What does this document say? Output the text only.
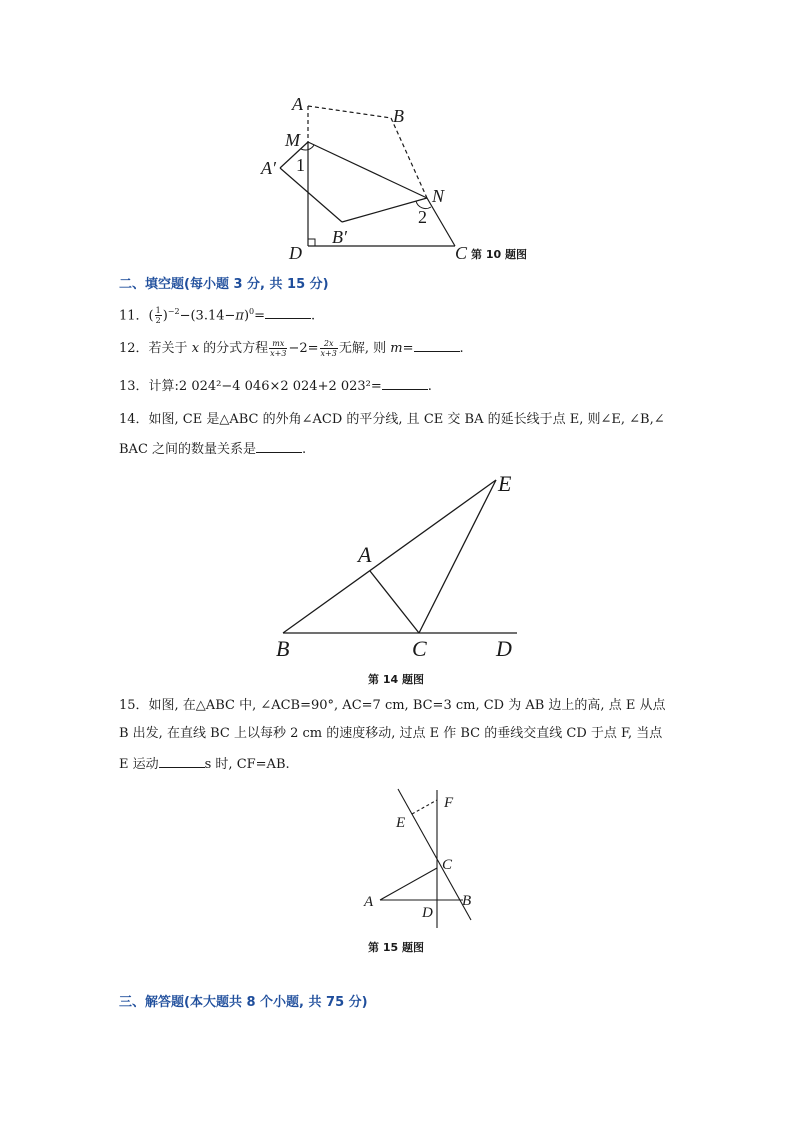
A
B
M
A′ 1
N
2
B′
D	C 第 10 题图
二、填空题(每小题 3 分, 共 15 分)
11．( $\frac{1}{2} )^{-2}-(3.14-\pi)^0=$	.
12．若关于 x 的分式方程 $\frac{mx}{x+3} -2= \frac{2x}{x+3}$ 无解, 则 m=	.
13．计算:2 024²−4 046×2 024+2 023²=	.
14．如图, CE 是△ABC 的外角∠ACD 的平分线, 且 CE 交 BA 的延长线于点 E, 则∠E, ∠B,∠
BAC 之间的数量关系是	.
E
A
B	C	D
第 14 题图
15．如图, 在△ABC 中, ∠ACB=90°, AC=7 cm, BC=3 cm, CD 为 AB 边上的高, 点 E 从点
B 出发, 在直线 BC 上以每秒 2 cm 的速度移动, 过点 E 作 BC 的垂线交直线 CD 于点 F, 当点
E 运动	s 时, CF=AB.
F
E
C
A
D
B
第 15 题图
三、解答题(本大题共 8 个小题, 共 75 分)
